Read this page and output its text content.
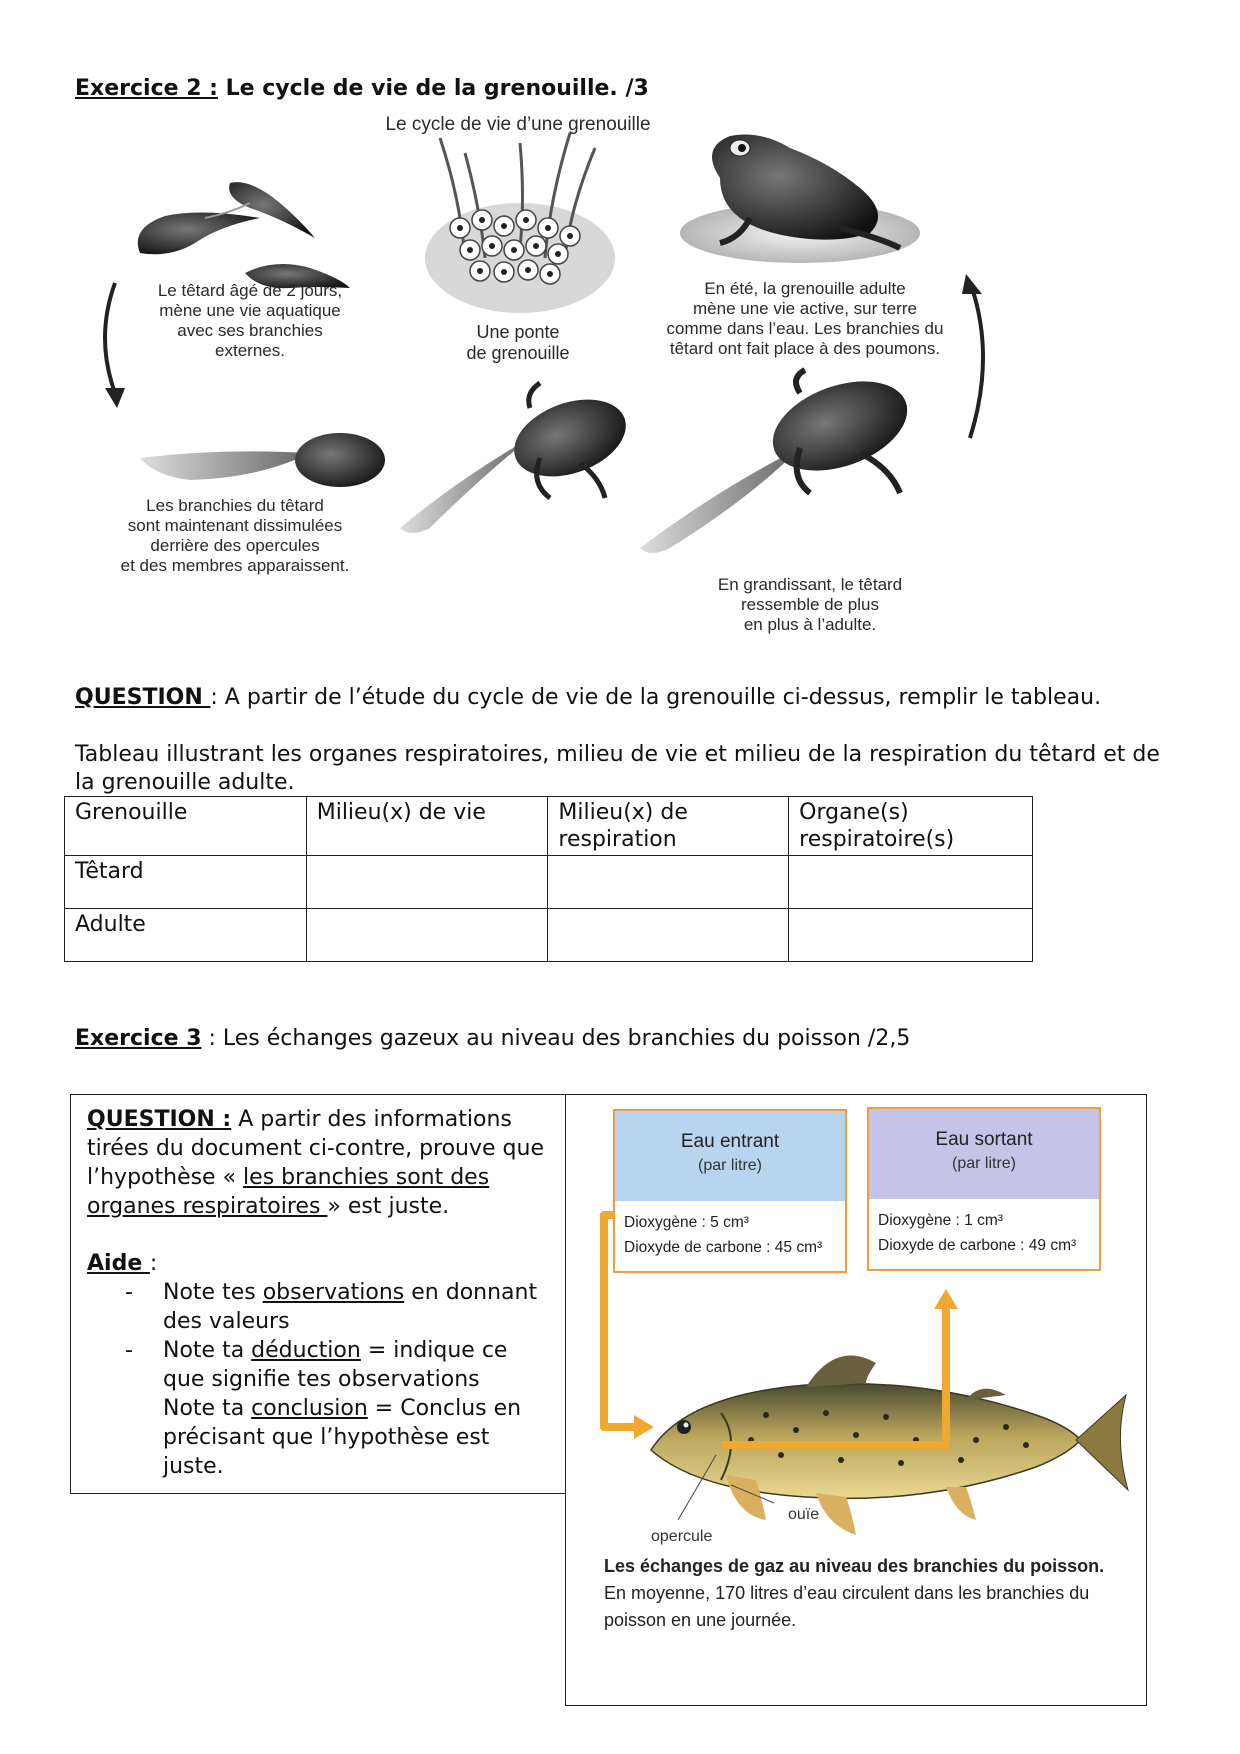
Exercice 2 : Le cycle de vie de la grenouille. /3
Le cycle de vie d’une grenouille
Le têtard âgé de 2 jours,
mène une vie aquatique
avec ses branchies
externes.
Une ponte
de grenouille
En été, la grenouille adulte
mène une vie active, sur terre
comme dans l’eau. Les branchies du
têtard ont fait place à des poumons.
Les branchies du têtard
sont maintenant dissimulées
derrière des opercules
et des membres apparaissent.
En grandissant, le têtard
ressemble de plus
en plus à l’adulte.
QUESTION : A partir de l’étude du cycle de vie de la grenouille ci-dessus, remplir le tableau.
Tableau illustrant les organes respiratoires, milieu de vie et milieu de la respiration du têtard et de la grenouille adulte.
Grenouille	Milieu(x) de vie	Milieu(x) de respiration	Organe(s) respiratoire(s)
Têtard			
Adulte			
Exercice 3 : Les échanges gazeux au niveau des branchies du poisson /2,5

QUESTION : A partir des informations tirées du document ci-contre, prouve que l’hypothèse « les branchies sont des organes respiratoires » est juste.

Aide :

- Note tes observations en donnant des valeurs
- Note ta déduction = indique ce que signifie tes observations
Note ta conclusion = Conclus en précisant que l’hypothèse est juste.
Eau entrant
(par litre)
Dioxygène : 5 cm³
Dioxyde de carbone : 45 cm³
Eau sortant
(par litre)
Dioxygène : 1 cm³
Dioxyde de carbone : 49 cm³
ouïe
opercule
Les échanges de gaz au niveau des branchies du poisson. En moyenne, 170 litres d’eau circulent dans les branchies du poisson en une journée.
